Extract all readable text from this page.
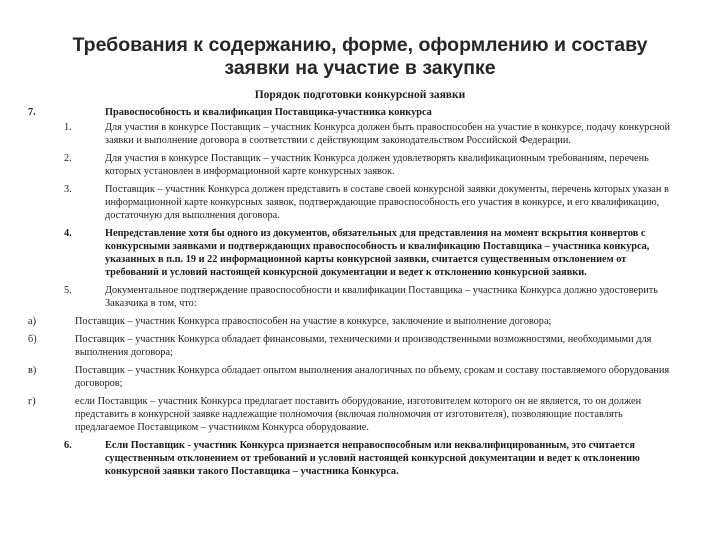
Требования к содержанию, форме, оформлению и составу заявки на участие в закупке
Порядок подготовки конкурсной заявки
7.	Правоспособность и квалификация Поставщика-участника конкурса
1.	Для участия в конкурсе Поставщик – участник Конкурса должен быть правоспособен на участие в конкурсе, подачу конкурсной заявки и выполнение договора в соответствии с действующим законодательством Российской Федерации.
2.	Для участия в конкурсе Поставщик – участник Конкурса должен удовлетворять квалификационным требованиям, перечень которых установлен в информационной карте конкурсных заявок.
3.	Поставщик – участник Конкурса должен представить в составе своей конкурсной заявки документы, перечень которых указан в информационной карте конкурсных заявок, подтверждающие правоспособность его участия в конкурсе, и его квалификацию, достаточную для выполнения договора.
4.	Непредставление хотя бы одного из документов, обязательных для представления на момент вскрытия конвертов с конкурсными заявками и подтверждающих правоспособность и квалификацию Поставщика – участника конкурса, указанных в п.п. 19 и 22 информационной карты конкурсной заявки, считается существенным отклонением от требований и условий настоящей конкурсной документации и ведет к отклонению конкурсной заявки.
5.	Документальное подтверждение правоспособности и квалификации Поставщика – участника Конкурса должно удостоверить Заказчика в том, что:
а)	Поставщик – участник Конкурса правоспособен на участие в конкурсе, заключение и выполнение договора;
б)	Поставщик – участник Конкурса обладает финансовыми, техническими и производственными возможностями, необходимыми для выполнения договора;
в)	Поставщик – участник Конкурса обладает опытом выполнения аналогичных по объему, срокам и составу поставляемого оборудования договоров;
г)	если Поставщик – участник Конкурса предлагает поставить оборудование, изготовителем которого он не является, то он должен представить в конкурсной заявке надлежащие полномочия (включая полномочия от изготовителя), позволяющие поставлять предлагаемое Поставщиком – участником Конкурса оборудование.
6.	Если Поставщик - участник Конкурса признается неправоспособным или неквалифицированным, это считается существенным отклонением от требований и условий настоящей конкурсной документации и ведет к отклонению конкурсной заявки такого Поставщика – участника Конкурса.
